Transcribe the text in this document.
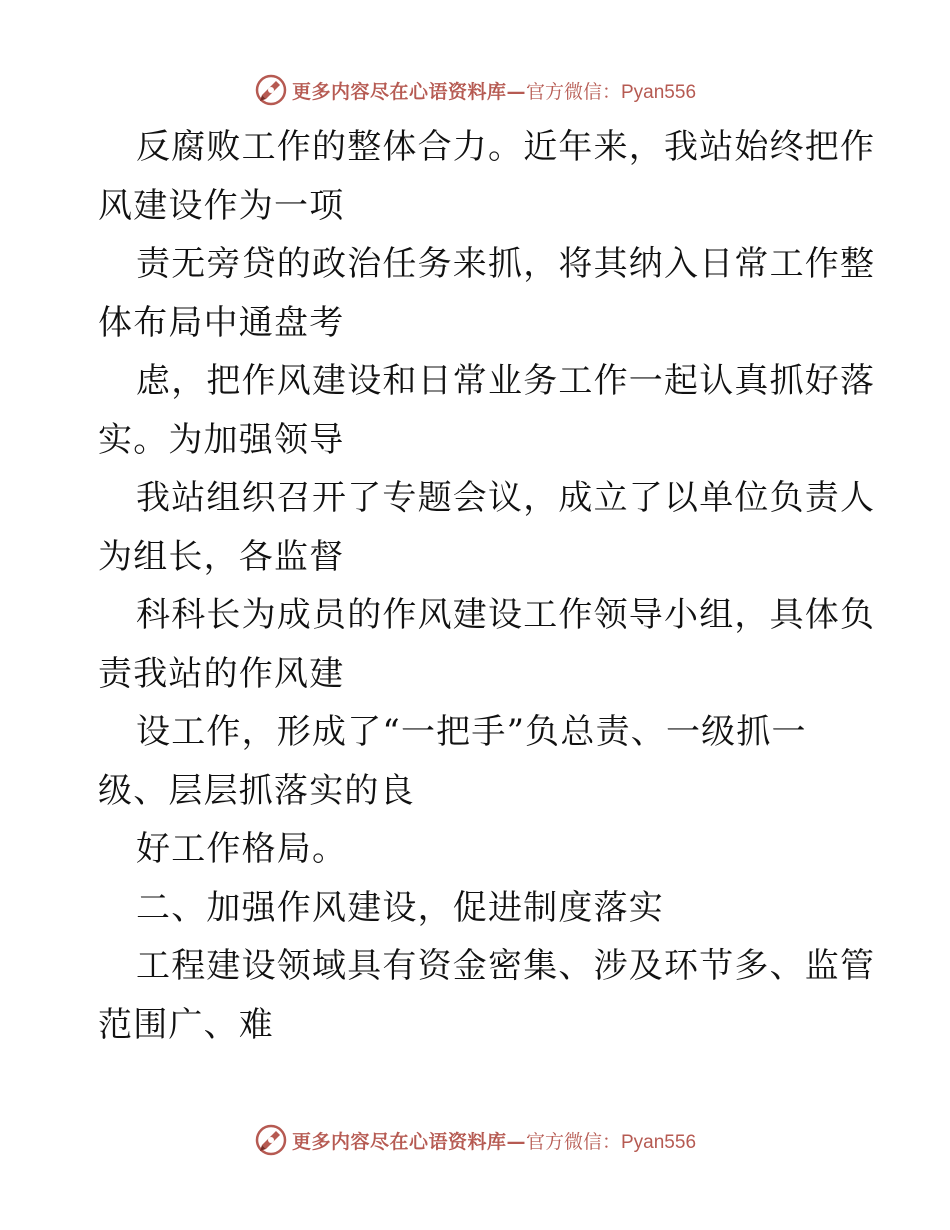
更多内容尽在心语资料库— 官方微信：Pyan556
反腐败工作的整体合力。近年来，我站始终把作
风建设作为一项
责无旁贷的政治任务来抓，将其纳入日常工作整
体布局中通盘考
虑，把作风建设和日常业务工作一起认真抓好落
实。为加强领导
我站组织召开了专题会议，成立了以单位负责人
为组长，各监督
科科长为成员的作风建设工作领导小组，具体负
责我站的作风建
设工作，形成了“一把手”负总责、一级抓一
级、层层抓落实的良
好工作格局。
二、加强作风建设，促进制度落实
工程建设领域具有资金密集、涉及环节多、监管
范围广、难
更多内容尽在心语资料库— 官方微信：Pyan556
